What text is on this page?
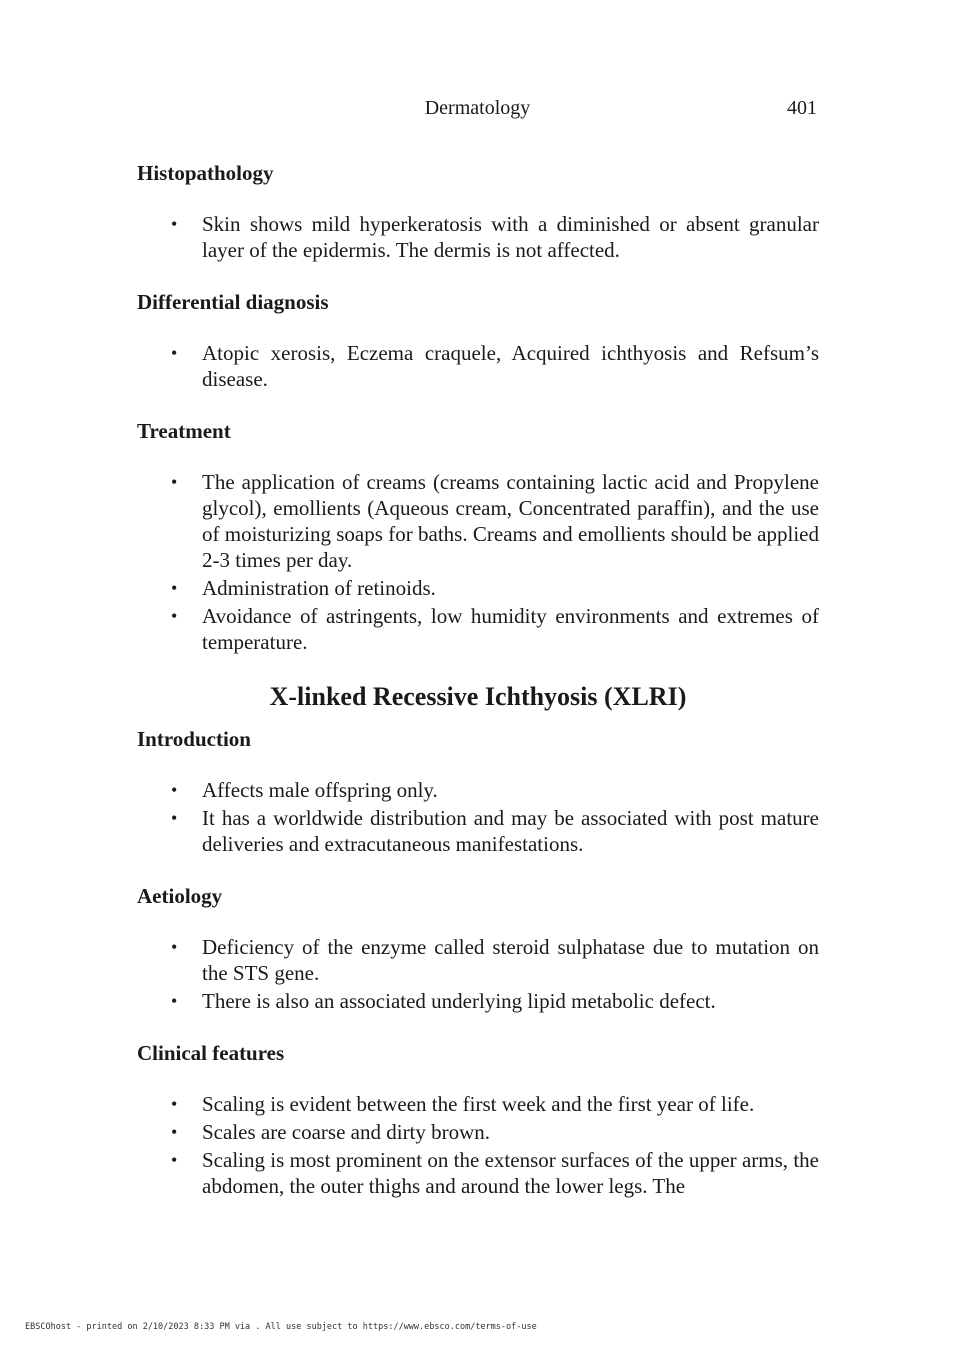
Dermatology	401
Histopathology
• Skin shows mild hyperkeratosis with a diminished or absent granular layer of the epidermis. The dermis is not affected.
Differential diagnosis
• Atopic xerosis, Eczema craquele, Acquired ichthyosis and Refsum’s disease.
Treatment
• The application of creams (creams containing lactic acid and Propylene glycol), emollients (Aqueous cream, Concentrated paraffin), and the use of moisturizing soaps for baths. Creams and emollients should be applied 2-3 times per day.
• Administration of retinoids.
• Avoidance of astringents, low humidity environments and extremes of temperature.
X-linked Recessive Ichthyosis (XLRI)
Introduction
• Affects male offspring only.
• It has a worldwide distribution and may be associated with post mature deliveries and extracutaneous manifestations.
Aetiology
• Deficiency of the enzyme called steroid sulphatase due to mutation on the STS gene.
• There is also an associated underlying lipid metabolic defect.
Clinical features
• Scaling is evident between the first week and the first year of life.
• Scales are coarse and dirty brown.
• Scaling is most prominent on the extensor surfaces of the upper arms, the abdomen, the outer thighs and around the lower legs. The
EBSCOhost - printed on 2/10/2023 8:33 PM via . All use subject to https://www.ebsco.com/terms-of-use
